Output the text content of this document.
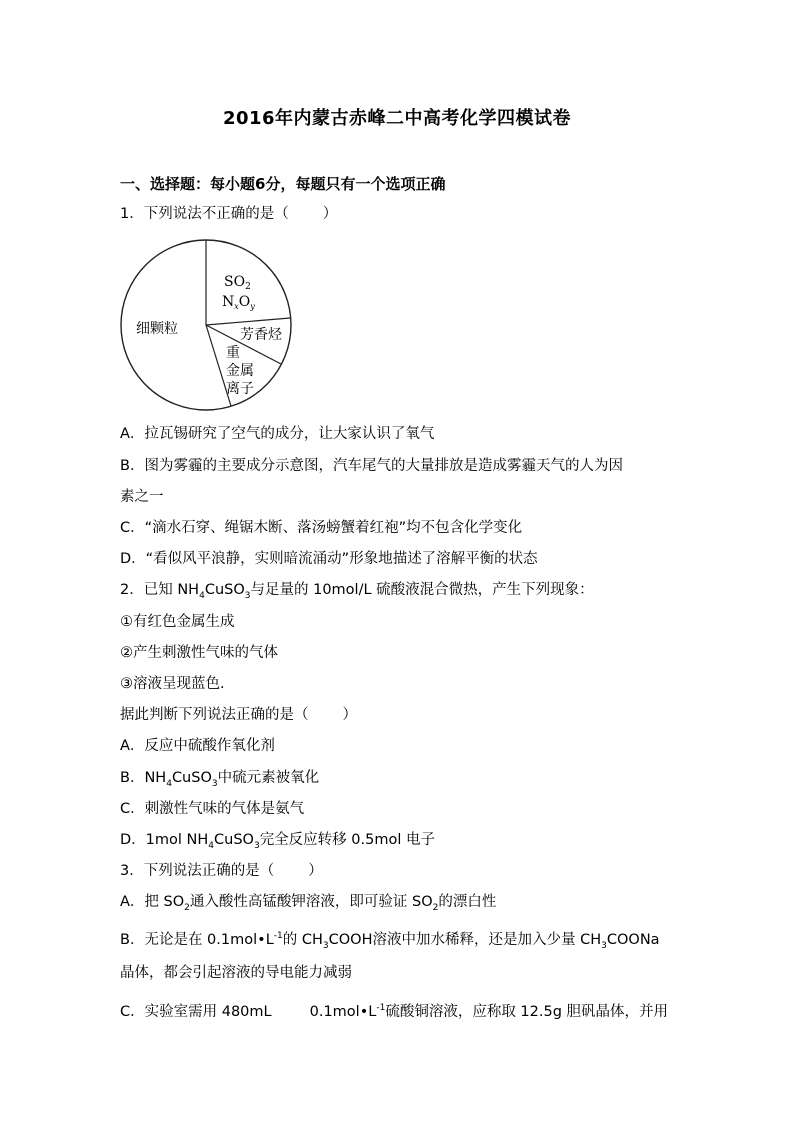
2016年内蒙古赤峰二中高考化学四模试卷
一、选择题：每小题6分，每题只有一个选项正确
1．下列说法不正确的是（ ）
$SO_2$
$N_xO_y$
芳香烃
重
金属
离子
细颗粒
A．拉瓦锡研究了空气的成分，让大家认识了氧气
B．图为雾霾的主要成分示意图，汽车尾气的大量排放是造成雾霾天气的人为因
素之一
C．“滴水石穿、绳锯木断、落汤螃蟹着红袍”均不包含化学变化
D．“看似风平浪静，实则暗流涌动”形象地描述了溶解平衡的状态
2．已知 $NH_4CuSO_3$与足量的 10mol/L 硫酸液混合微热，产生下列现象：
①有红色金属生成
②产生刺激性气味的气体
③溶液呈现蓝色.
据此判断下列说法正确的是（ ）
A．反应中硫酸作氧化剂
B．$NH_4CuSO_3$中硫元素被氧化
C．刺激性气味的气体是氨气
D．1mol $NH_4CuSO_3$完全反应转移 0.5mol 电子
3．下列说法正确的是（ ）
A．把 $SO_2$通入酸性高锰酸钾溶液，即可验证 $SO_2$的漂白性
B．无论是在 $0.1mol•L^{-1}$的 $CH_3COOH$溶液中加水稀释，还是加入少量 $CH_3COONa$
晶体，都会引起溶液的导电能力减弱
C．实验室需用 480mL	$0.1mol•L^{-1}$硫酸铜溶液，应称取 12.5g 胆矾晶体，并用
